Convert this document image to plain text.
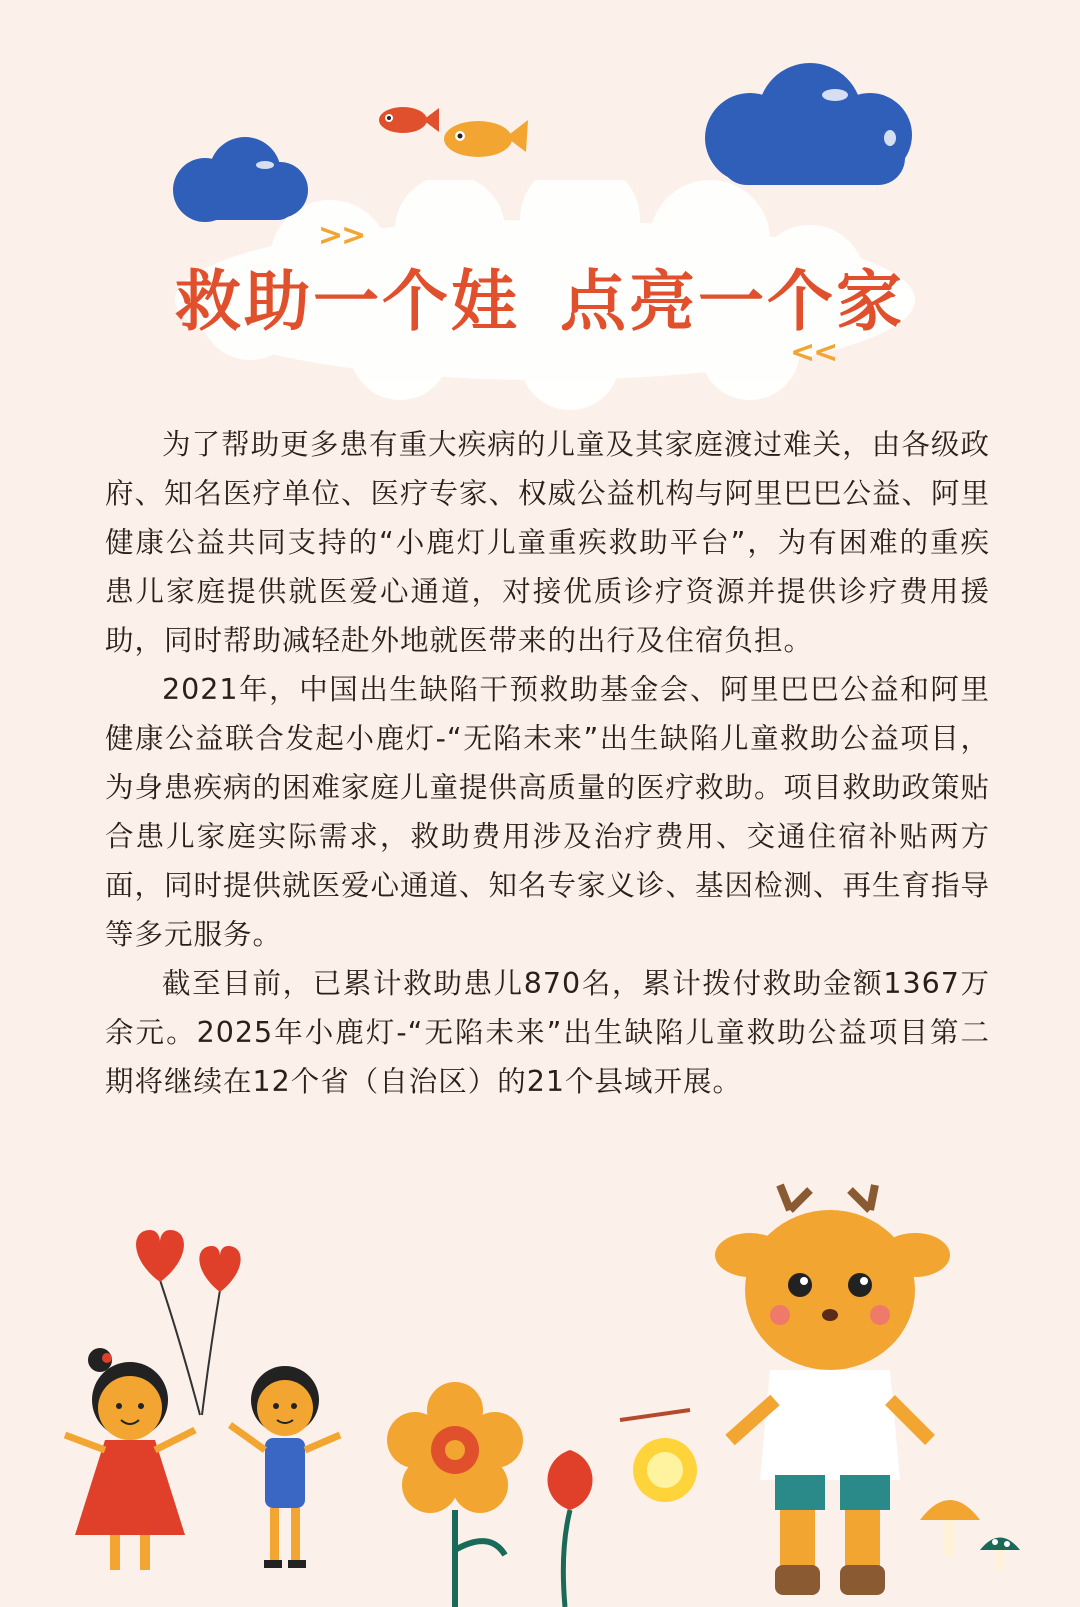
>>
<<
救助一个娃 点亮一个家

为了帮助更多患有重大疾病的儿童及其家庭渡过难关，由各级政府、知名医疗单位、医疗专家、权威公益机构与阿里巴巴公益、阿里健康公益共同支持的“小鹿灯儿童重疾救助平台”，为有困难的重疾患儿家庭提供就医爱心通道，对接优质诊疗资源并提供诊疗费用援助，同时帮助减轻赴外地就医带来的出行及住宿负担。

2021年，中国出生缺陷干预救助基金会、阿里巴巴公益和阿里健康公益联合发起小鹿灯-“无陷未来”出生缺陷儿童救助公益项目，为身患疾病的困难家庭儿童提供高质量的医疗救助。项目救助政策贴合患儿家庭实际需求，救助费用涉及治疗费用、交通住宿补贴两方面，同时提供就医爱心通道、知名专家义诊、基因检测、再生育指导等多元服务。

截至目前，已累计救助患儿870名，累计拨付救助金额1367万余元。2025年小鹿灯-“无陷未来”出生缺陷儿童救助公益项目第二期将继续在12个省（自治区）的21个县域开展。
